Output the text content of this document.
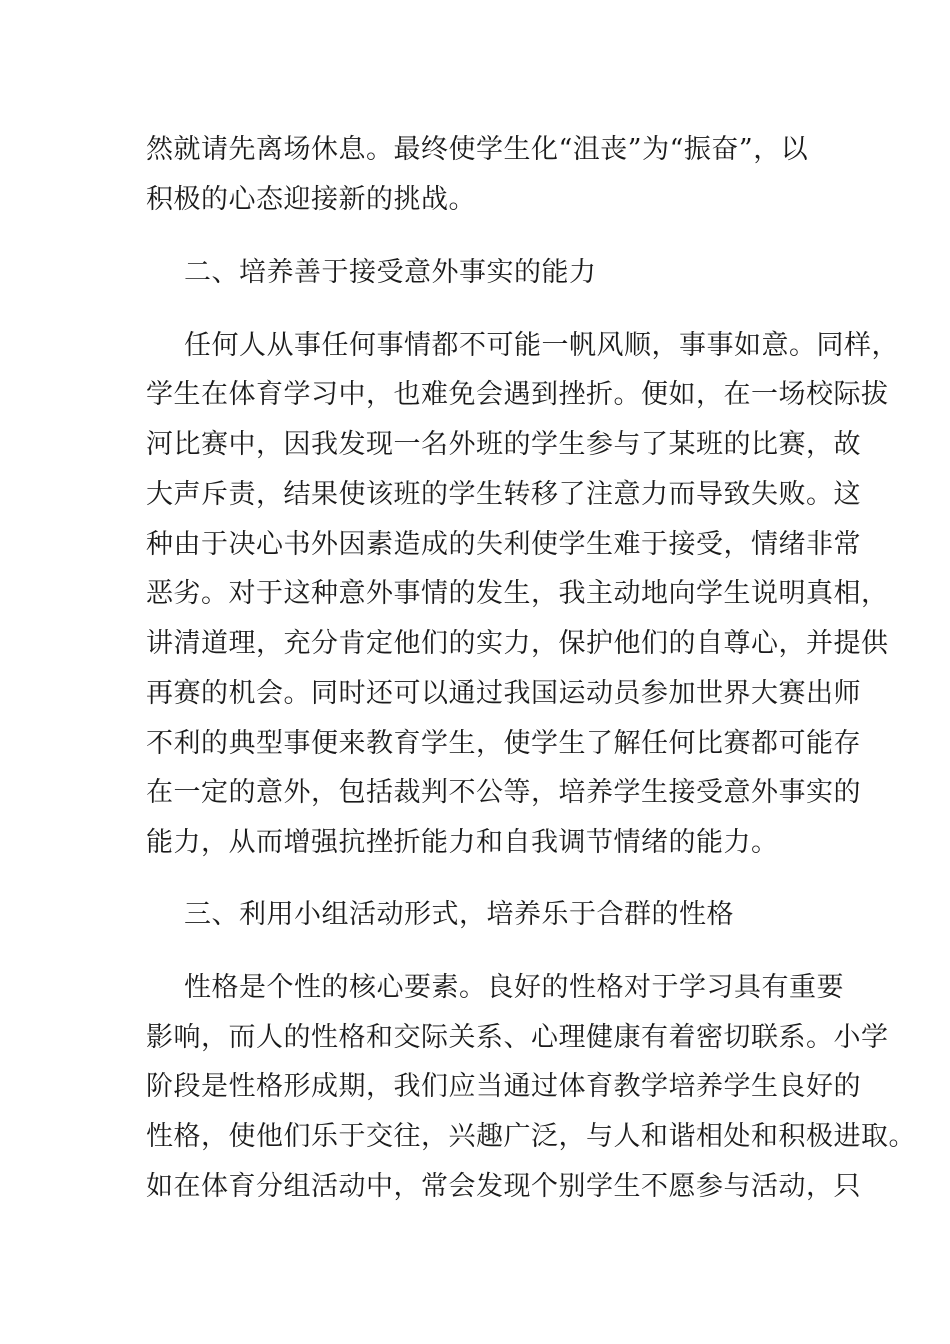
然就请先离场休息。最终使学生化“沮丧”为“振奋”，以
积极的心态迎接新的挑战。
二、培养善于接受意外事实的能力
任何人从事任何事情都不可能一帆风顺，事事如意。同样，
学生在体育学习中，也难免会遇到挫折。便如，在一场校际拔
河比赛中，因我发现一名外班的学生参与了某班的比赛，故
大声斥责，结果使该班的学生转移了注意力而导致失败。这
种由于决心书外因素造成的失利使学生难于接受，情绪非常
恶劣。对于这种意外事情的发生，我主动地向学生说明真相，
讲清道理，充分肯定他们的实力，保护他们的自尊心，并提供
再赛的机会。同时还可以通过我国运动员参加世界大赛出师
不利的典型事便来教育学生，使学生了解任何比赛都可能存
在一定的意外，包括裁判不公等，培养学生接受意外事实的
能力，从而增强抗挫折能力和自我调节情绪的能力。
三、利用小组活动形式，培养乐于合群的性格
性格是个性的核心要素。良好的性格对于学习具有重要
影响，而人的性格和交际关系、心理健康有着密切联系。小学
阶段是性格形成期，我们应当通过体育教学培养学生良好的
性格，使他们乐于交往，兴趣广泛，与人和谐相处和积极进取。
如在体育分组活动中，常会发现个别学生不愿参与活动，只
